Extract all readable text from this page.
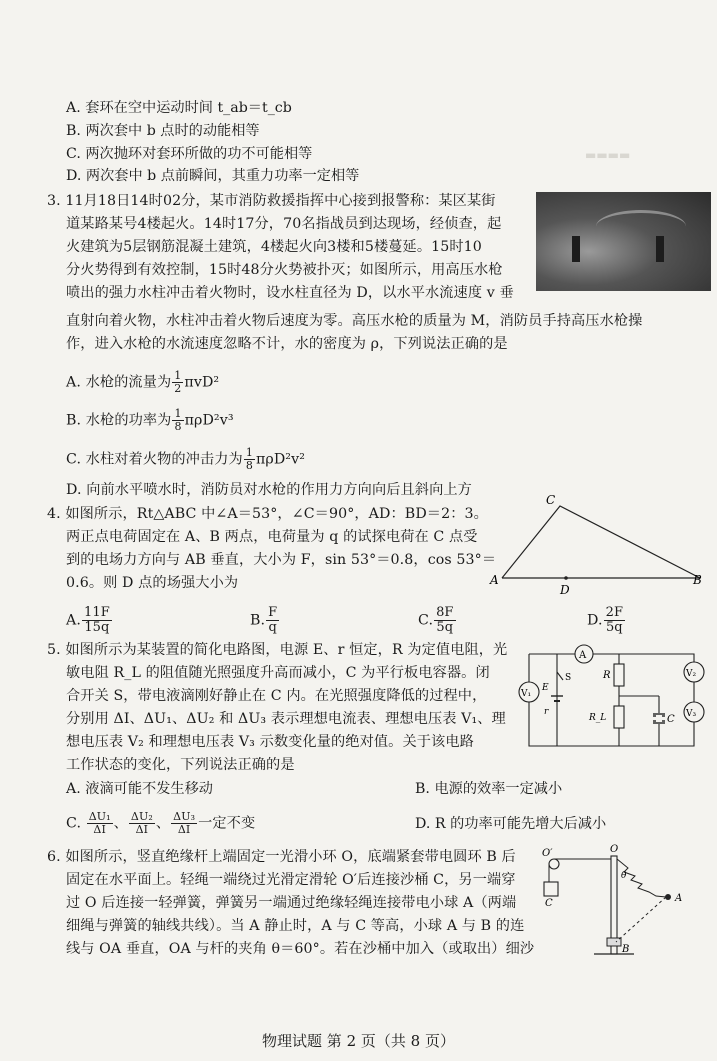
A. 套环在空中运动时间 t_ab＝t_cb
B. 两次套中 b 点时的动能相等
C. 两次抛环对套环所做的功不可能相等
D. 两次套中 b 点前瞬间，其重力功率一定相等
3. 11月18日14时02分，某市消防救援指挥中心接到报警称：某区某街
道某路某号4楼起火。14时17分，70名指战员到达现场，经侦查，起
火建筑为5层钢筋混凝土建筑，4楼起火向3楼和5楼蔓延。15时10
分火势得到有效控制，15时48分火势被扑灭；如图所示，用高压水枪
喷出的强力水柱冲击着火物时，设水柱直径为 D，以水平水流速度 v 垂
直射向着火物，水柱冲击着火物后速度为零。高压水枪的质量为 M，消防员手持高压水枪操
作，进入水枪的水流速度忽略不计，水的密度为 ρ，下列说法正确的是
A. 水枪的流量为 $\frac{1}{2} \pi vD^2$
B. 水枪的功率为 $\frac{1}{8} \pi\rho D^2v^3$
C. 水柱对着火物的冲击力为 $\frac{1}{8} \pi\rho D^2v^2$
D. 向前水平喷水时，消防员对水枪的作用力方向向后且斜向上方
4. 如图所示，Rt△ABC 中∠A＝53°，∠C＝90°，AD：BD＝2：3。
两正点电荷固定在 A、B 两点，电荷量为 q 的试探电荷在 C 点受
到的电场力方向与 AB 垂直，大小为 F，sin 53°＝0.8，cos 53°＝
0.6。则 D 点的场强大小为	A	B
C
D
A. $\frac{11F}{15q}$	B. $\frac{F}{q}$	C. $\frac{8F}{5q}$	D. $\frac{2F}{5q}$
5. 如图所示为某装置的简化电路图，电源 E、r 恒定，R 为定值电阻，光
敏电阻 R_L 的阻值随光照强度升高而减小，C 为平行板电容器。闭
合开关 S，带电液滴刚好静止在 C 内。在光照强度降低的过程中，
分别用 ΔI、ΔU₁、ΔU₂ 和 ΔU₃ 表示理想电流表、理想电压表 V₁、理
想电压表 V₂ 和理想电压表 V₃ 示数变化量的绝对值。关于该电路
工作状态的变化，下列说法正确的是
A
V₁
V₂
V₃
R
R_L	C
E
r
S
A. 液滴可能不发生移动	B. 电源的效率一定减小
C. $\frac{\text{ΔU₁}}{\Delta I}$ 、 $\frac{\text{ΔU₂}}{\Delta I}$ 、 $\frac{\text{ΔU₃}}{\Delta I}$ 一定不变	D. R 的功率可能先增大后减小
6. 如图所示，竖直绝缘杆上端固定一光滑小环 O，底端紧套带电圆环 B 后
固定在水平面上。轻绳一端绕过光滑定滑轮 O′后连接沙桶 C，另一端穿
过 O 后连接一轻弹簧，弹簧另一端通过绝缘轻绳连接带电小球 A（两端
细绳与弹簧的轴线共线）。当 A 静止时，A 与 C 等高，小球 A 与 B 的连
线与 OA 垂直，OA 与杆的夹角 θ＝60°。若在沙桶中加入（或取出）细沙
O′
C
O
B
A
θ
▬▬▬▬
物理试题 第 2 页（共 8 页）
